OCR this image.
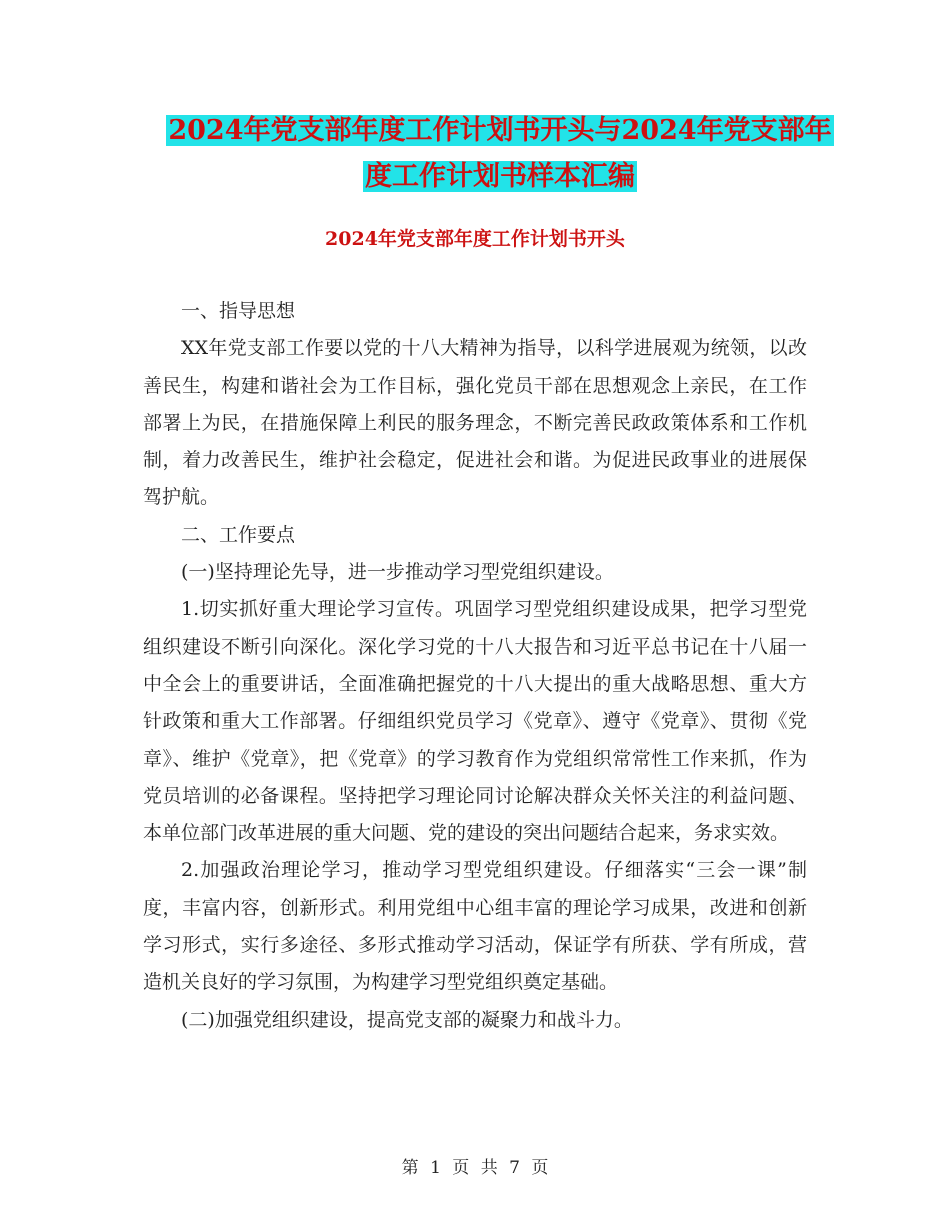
2024年党支部年度工作计划书开头与2024年党支部年
度工作计划书样本汇编
2024年党支部年度工作计划书开头

一、指导思想

XX年党支部工作要以党的十八大精神为指导，以科学进展观为统领，以改善民生，构建和谐社会为工作目标，强化党员干部在思想观念上亲民，在工作部署上为民，在措施保障上利民的服务理念，不断完善民政政策体系和工作机制，着力改善民生，维护社会稳定，促进社会和谐。为促进民政事业的进展保驾护航。

二、工作要点

(一)坚持理论先导，进一步推动学习型党组织建设。

1.切实抓好重大理论学习宣传。巩固学习型党组织建设成果，把学习型党组织建设不断引向深化。深化学习党的十八大报告和习近平总书记在十八届一中全会上的重要讲话，全面准确把握党的十八大提出的重大战略思想、重大方针政策和重大工作部署。仔细组织党员学习《党章》、遵守《党章》、贯彻《党章》、维护《党章》，把《党章》的学习教育作为党组织常常性工作来抓，作为党员培训的必备课程。坚持把学习理论同讨论解决群众关怀关注的利益问题、本单位部门改革进展的重大问题、党的建设的突出问题结合起来，务求实效。

2.加强政治理论学习，推动学习型党组织建设。仔细落实“三会一课”制度，丰富内容，创新形式。利用党组中心组丰富的理论学习成果，改进和创新学习形式，实行多途径、多形式推动学习活动，保证学有所获、学有所成，营造机关良好的学习氛围，为构建学习型党组织奠定基础。

(二)加强党组织建设，提高党支部的凝聚力和战斗力。

第 1 页 共 7 页
